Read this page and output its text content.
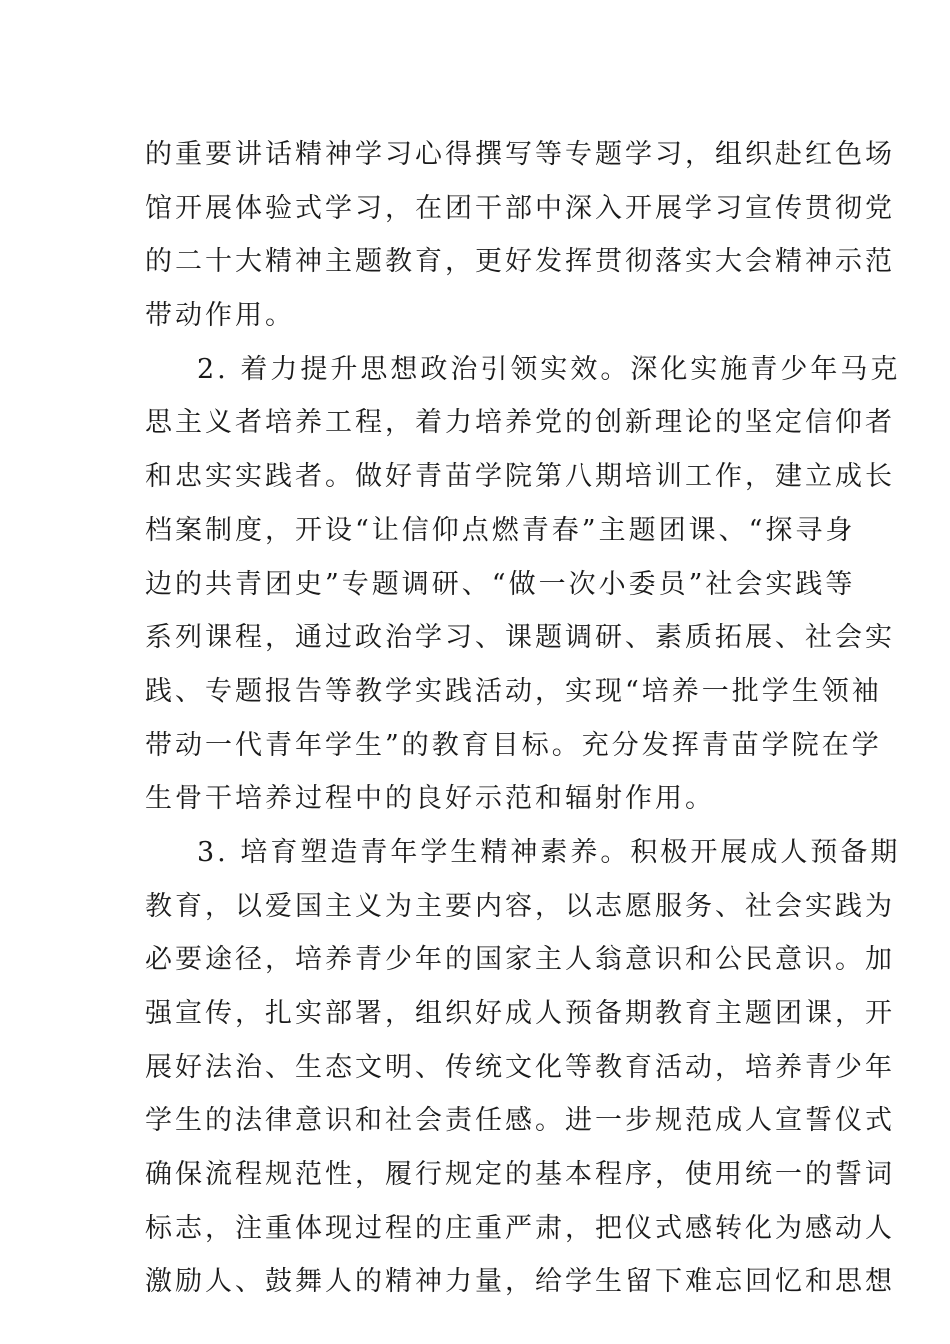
的重要讲话精神学习心得撰写等专题学习，组织赴红色场
馆开展体验式学习，在团干部中深入开展学习宣传贯彻党
的二十大精神主题教育，更好发挥贯彻落实大会精神示范
带动作用。
2. 着力提升思想政治引领实效。深化实施青少年马克
思主义者培养工程，着力培养党的创新理论的坚定信仰者
和忠实实践者。做好青苗学院第八期培训工作，建立成长
档案制度，开设“让信仰点燃青春”主题团课、“探寻身
边的共青团史”专题调研、“做一次小委员”社会实践等
系列课程，通过政治学习、课题调研、素质拓展、社会实
践、专题报告等教学实践活动，实现“培养一批学生领袖
带动一代青年学生”的教育目标。充分发挥青苗学院在学
生骨干培养过程中的良好示范和辐射作用。
3. 培育塑造青年学生精神素养。积极开展成人预备期
教育，以爱国主义为主要内容，以志愿服务、社会实践为
必要途径，培养青少年的国家主人翁意识和公民意识。加
强宣传，扎实部署，组织好成人预备期教育主题团课，开
展好法治、生态文明、传统文化等教育活动，培养青少年
学生的法律意识和社会责任感。进一步规范成人宣誓仪式
确保流程规范性，履行规定的基本程序，使用统一的誓词
标志，注重体现过程的庄重严肃，把仪式感转化为感动人
激励人、鼓舞人的精神力量，给学生留下难忘回忆和思想
